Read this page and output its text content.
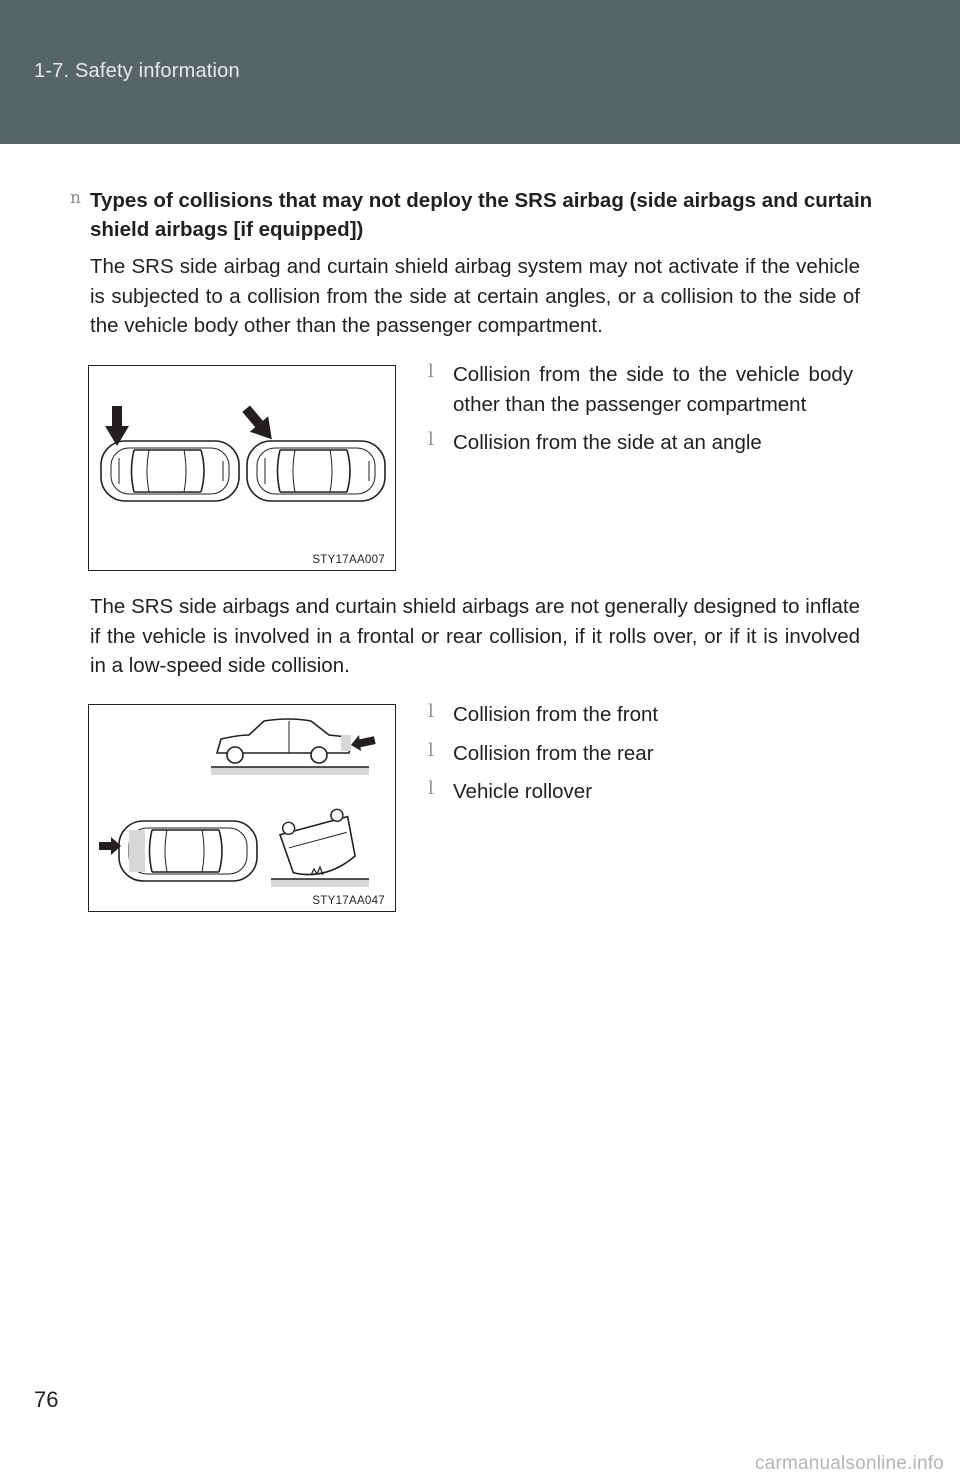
1-7. Safety information
n Types of collisions that may not deploy the SRS airbag (side airbags and curtain shield airbags [if equipped])
The SRS side airbag and curtain shield airbag system may not activate if the vehicle is subjected to a collision from the side at certain angles, or a collision to the side of the vehicle body other than the passenger compartment.
STY17AA007
l Collision from the side to the vehicle body other than the passenger compartment
l Collision from the side at an angle
The SRS side airbags and curtain shield airbags are not generally designed to inflate if the vehicle is involved in a frontal or rear collision, if it rolls over, or if it is involved in a low-speed side collision.
STY17AA047
l Collision from the front
l Collision from the rear
l Vehicle rollover
76
carmanualsonline.info
